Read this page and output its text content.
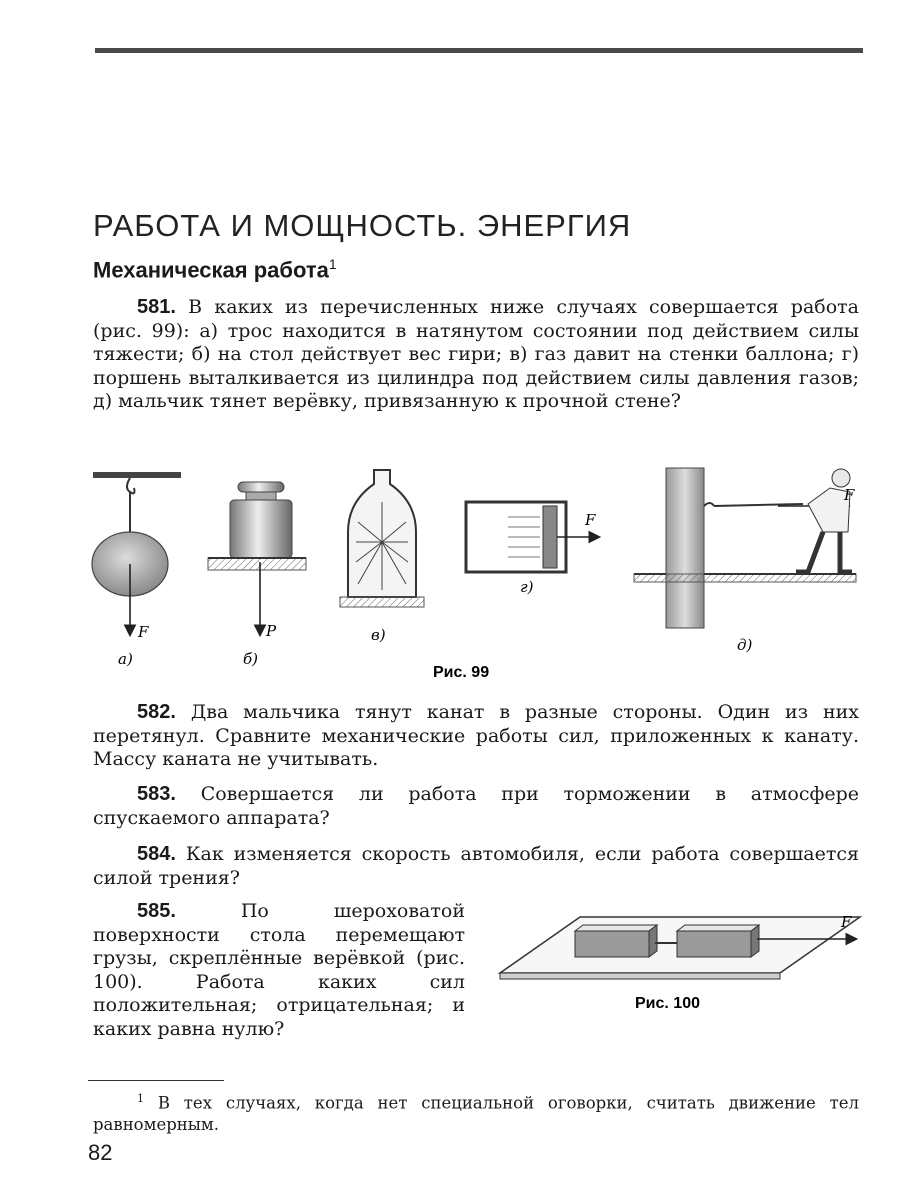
РАБОТА И МОЩНОСТЬ. ЭНЕРГИЯ
Механическая работа$^1$
581. В каких из перечисленных ниже случаях совершается работа (рис. 99): а) трос находится в натянутом состоянии под действием силы тяжести; б) на стол действует вес гири; в) газ давит на стенки баллона; г) поршень выталкивается из цилиндра под действием силы давления газов; д) мальчик тянет верёвку, привязанную к прочной стене?
F
а)
P
б)
в)
F
г)
F
д)
Рис. 99
582. Два мальчика тянут канат в разные стороны. Один из них перетянул. Сравните механические работы сил, приложенных к канату. Массу каната не учитывать.
583. Совершается ли работа при торможении в атмосфере спускаемого аппарата?
584. Как изменяется скорость автомобиля, если работа совершается силой трения?
585.	По шероховатой поверхности стола перемещают грузы, скреплённые верёвкой (рис. 100). Работа каких сил положительная; отрицательная; и каких равна нулю?
F
Рис. 100
$^1$ В тех случаях, когда нет специальной оговорки, считать движение тел равномерным.
82
